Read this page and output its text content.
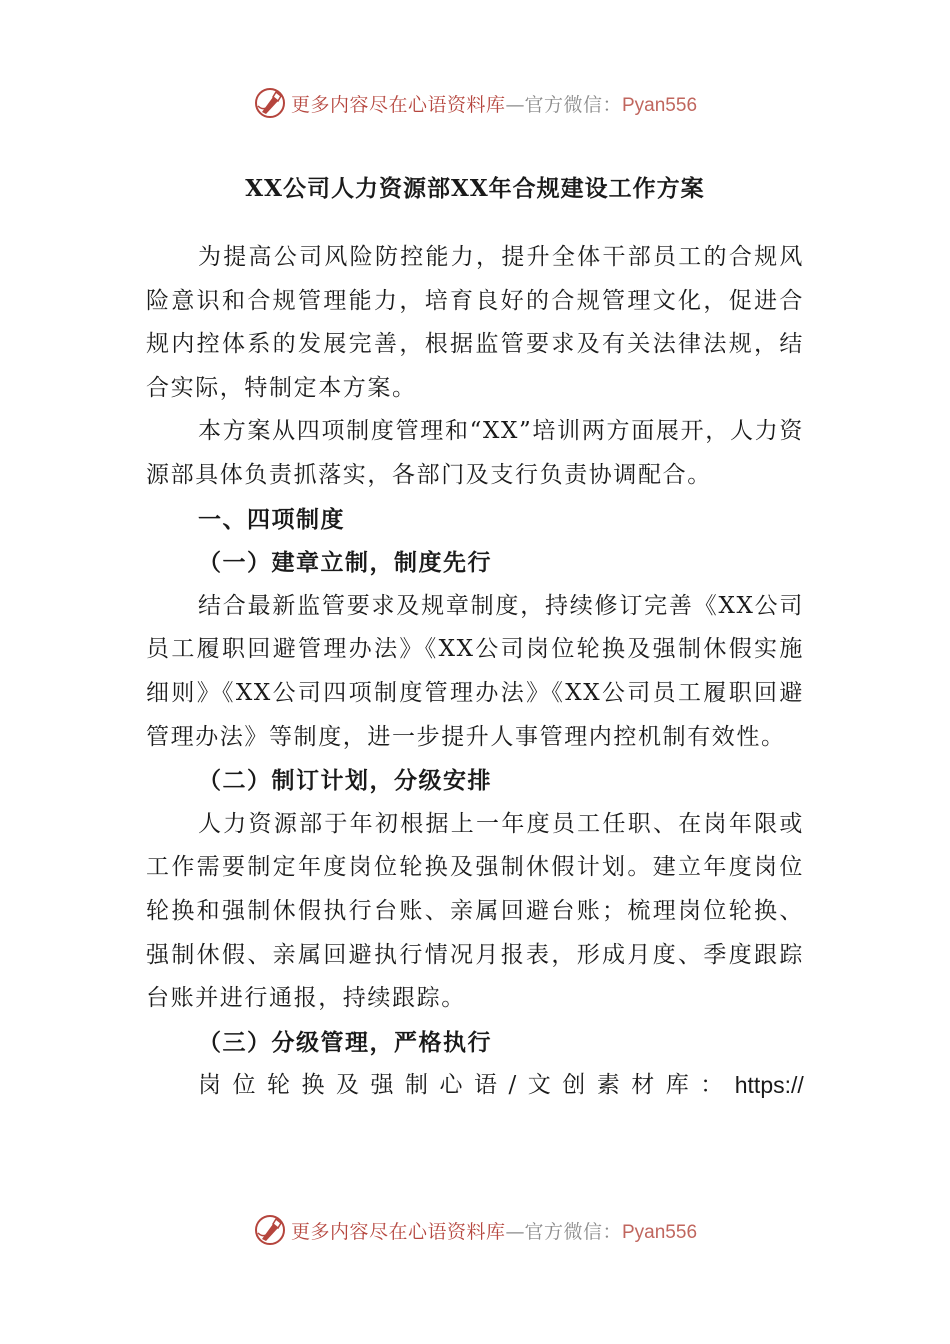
更多内容尽在心语资料库—官方微信：Pyan556
XX公司人力资源部XX年合规建设工作方案

为提高公司风险防控能力，提升全体干部员工的合规风险意识和合规管理能力，培育良好的合规管理文化，促进合规内控体系的发展完善，根据监管要求及有关法律法规，结合实际，特制定本方案。

本方案从四项制度管理和“XX”培训两方面展开，人力资源部具体负责抓落实，各部门及支行负责协调配合。

一、四项制度

（一）建章立制，制度先行

结合最新监管要求及规章制度，持续修订完善《XX公司员工履职回避管理办法》《XX公司岗位轮换及强制休假实施细则》《XX公司四项制度管理办法》《XX公司员工履职回避管理办法》等制度，进一步提升人事管理内控机制有效性。

（二）制订计划，分级安排

人力资源部于年初根据上一年度员工任职、在岗年限或工作需要制定年度岗位轮换及强制休假计划。建立年度岗位轮换和强制休假执行台账、亲属回避台账；梳理岗位轮换、强制休假、亲属回避执行情况月报表，形成月度、季度跟踪台账并进行通报，持续跟踪。

（三）分级管理，严格执行

岗 位 轮 换 及 强 制 心 语 / 文 创 素 材 库 ： https://
更多内容尽在心语资料库—官方微信：Pyan556
